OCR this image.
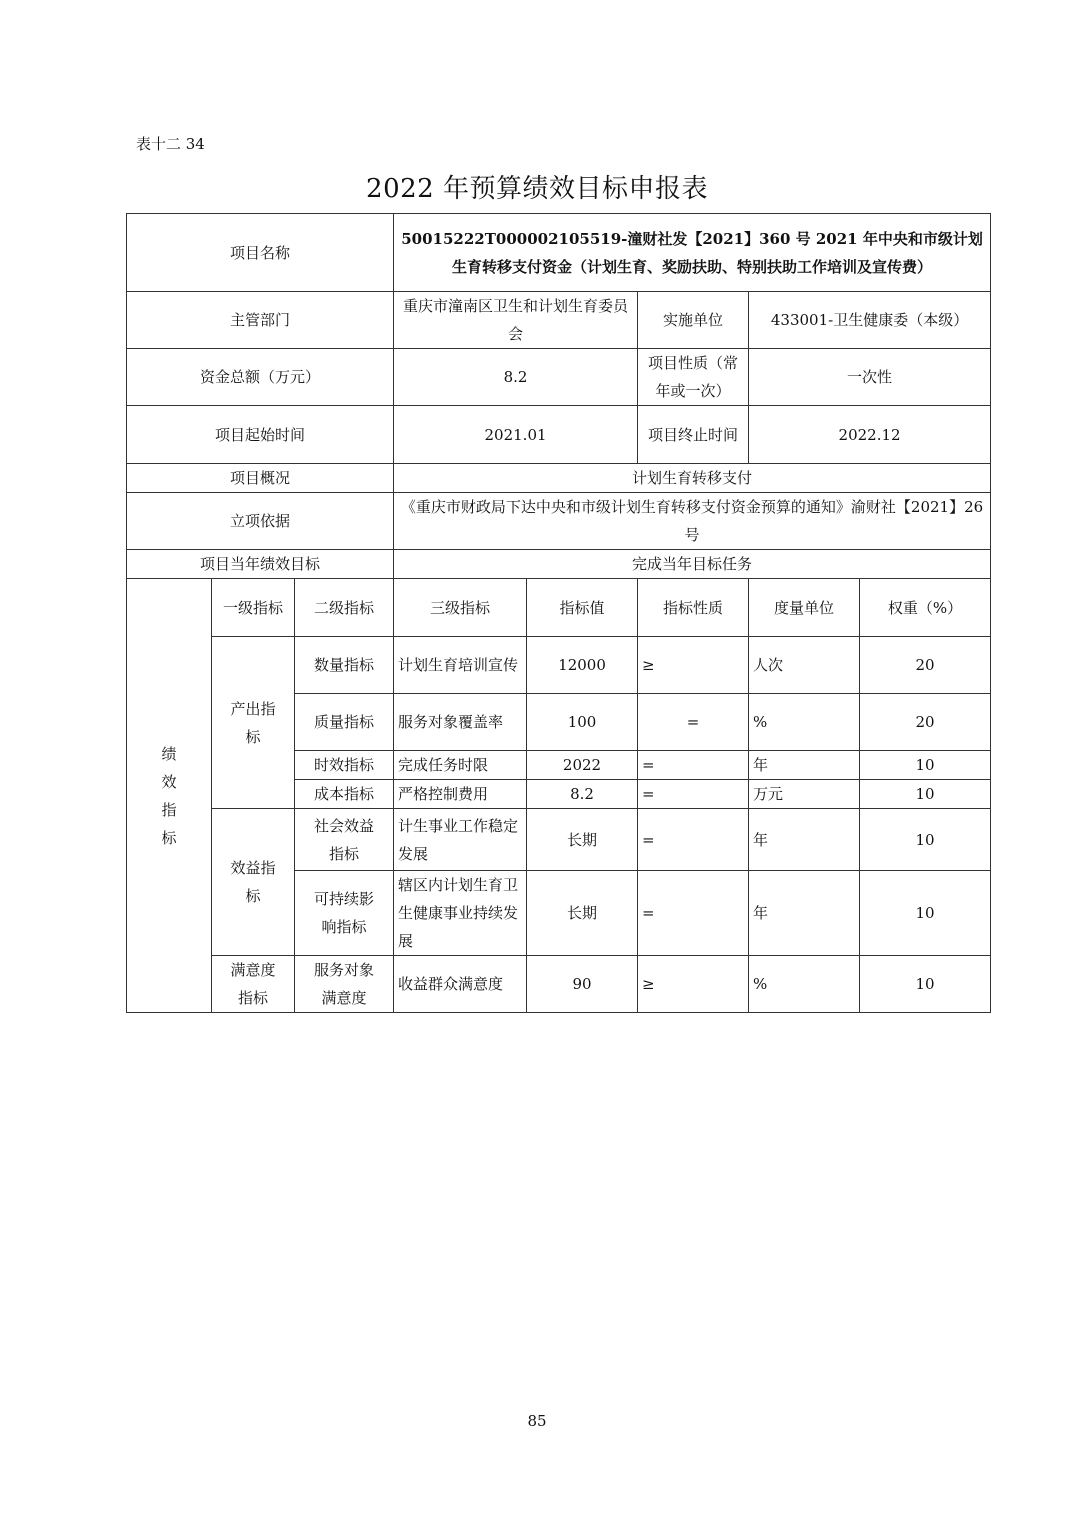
表十二 34
2022 年预算绩效目标申报表
项目名称			50015222T000002105519-潼财社发【2021】360 号 2021 年中央和市级计划生育转移支付资金（计划生育、奖励扶助、特别扶助工作培训及宣传费）				
主管部门			重庆市潼南区卫生和计划生育委员会		实施单位	433001-卫生健康委（本级）	
资金总额（万元）			8.2		项目性质（常年或一次）	一次性	
项目起始时间			2021.01		项目终止时间	2022.12	
项目概况			计划生育转移支付				
立项依据			《重庆市财政局下达中央和市级计划生育转移支付资金预算的通知》渝财社【2021】26 号				
项目当年绩效目标			完成当年目标任务				
绩效指标	一级指标	二级指标	三级指标	指标值	指标性质	度量单位	权重（%）
	产出指标	数量指标	计划生育培训宣传	12000	≥	人次	20
		质量指标	服务对象覆盖率	100	=	%	20
		时效指标	完成任务时限	2022	=	年	10
		成本指标	严格控制费用	8.2	=	万元	10
	效益指标	社会效益指标	计生事业工作稳定发展	长期	=	年	10
		可持续影响指标	辖区内计划生育卫生健康事业持续发展	长期	=	年	10
	满意度指标	服务对象满意度	收益群众满意度	90	≥	%	10
85
